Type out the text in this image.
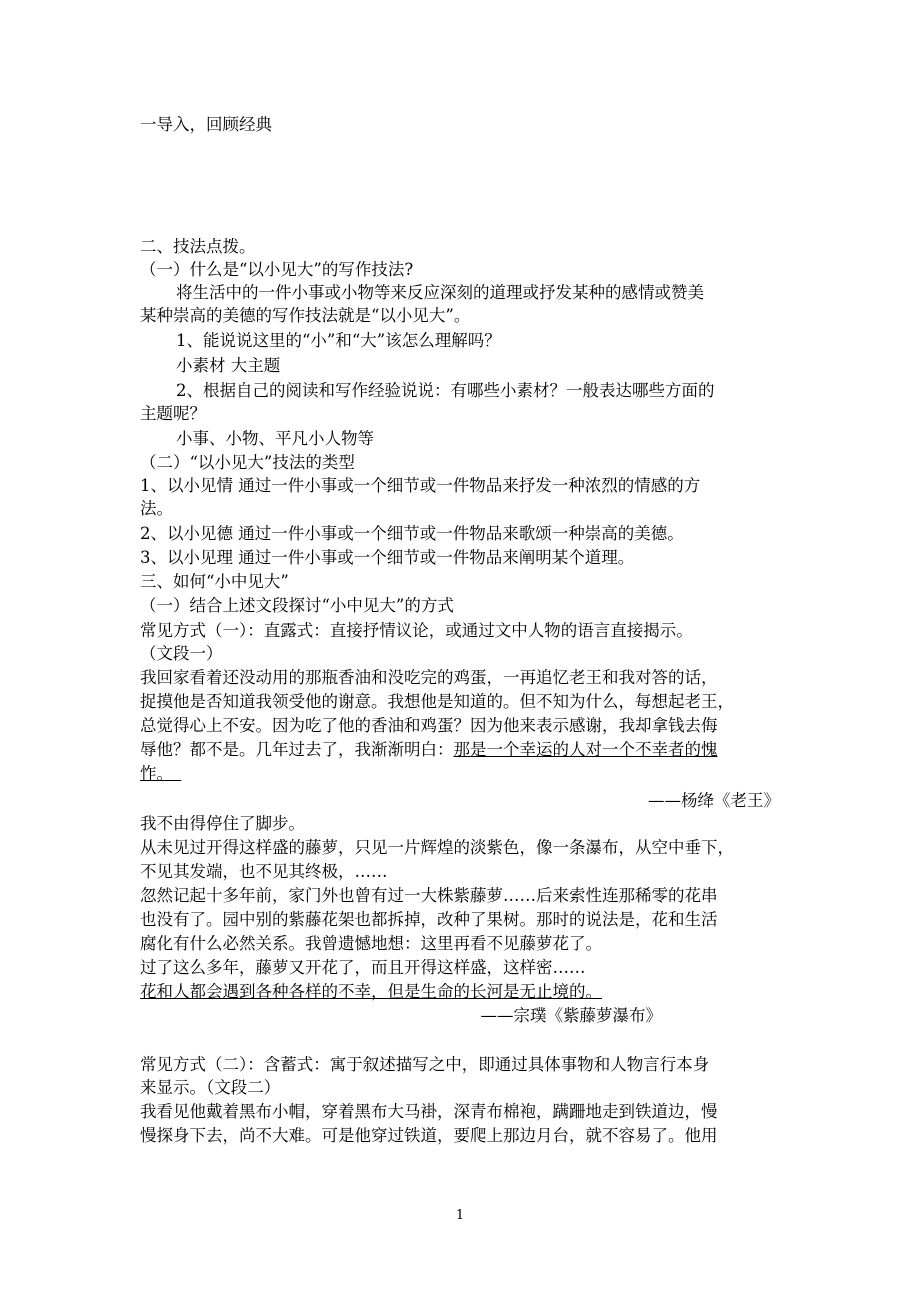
一导入，回顾经典
二、技法点拨。
（一）什么是“以小见大”的写作技法?
将生活中的一件小事或小物等来反应深刻的道理或抒发某种的感情或赞美
某种崇高的美德的写作技法就是“以小见大”。
1、能说说这里的“小”和“大”该怎么理解吗？
小素材 大主题
2、根据自己的阅读和写作经验说说：有哪些小素材？一般表达哪些方面的
主题呢？
小事、小物、平凡小人物等
（二）“以小见大”技法的类型
1、以小见情 通过一件小事或一个细节或一件物品来抒发一种浓烈的情感的方
法。
2、以小见德 通过一件小事或一个细节或一件物品来歌颂一种崇高的美德。
3、以小见理 通过一件小事或一个细节或一件物品来阐明某个道理。
三、如何“小中见大”
（一）结合上述文段探讨“小中见大”的方式
常见方式（一）：直露式：直接抒情议论，或通过文中人物的语言直接揭示。
（文段一）
我回家看着还没动用的那瓶香油和没吃完的鸡蛋，一再追忆老王和我对答的话，
捉摸他是否知道我领受他的谢意。我想他是知道的。但不知为什么，每想起老王，
总觉得心上不安。因为吃了他的香油和鸡蛋？因为他来表示感谢，我却拿钱去侮
辱他？都不是。几年过去了，我渐渐明白：那是一个幸运的人对一个不幸者的愧
怍。　
——杨绛《老王》
我不由得停住了脚步。
从未见过开得这样盛的藤萝，只见一片辉煌的淡紫色，像一条瀑布，从空中垂下，
不见其发端，也不见其终极，……
忽然记起十多年前，家门外也曾有过一大株紫藤萝……后来索性连那稀零的花串
也没有了。园中别的紫藤花架也都拆掉，改种了果树。那时的说法是，花和生活
腐化有什么必然关系。我曾遗憾地想：这里再看不见藤萝花了。
过了这么多年，藤萝又开花了，而且开得这样盛，这样密……
花和人都会遇到各种各样的不幸，但是生命的长河是无止境的。
——宗璞《紫藤萝瀑布》
常见方式（二）：含蓄式：寓于叙述描写之中，即通过具体事物和人物言行本身
来显示。（文段二）
我看见他戴着黑布小帽，穿着黑布大马褂，深青布棉袍，蹒跚地走到铁道边，慢
慢探身下去，尚不大难。可是他穿过铁道，要爬上那边月台，就不容易了。他用
1
